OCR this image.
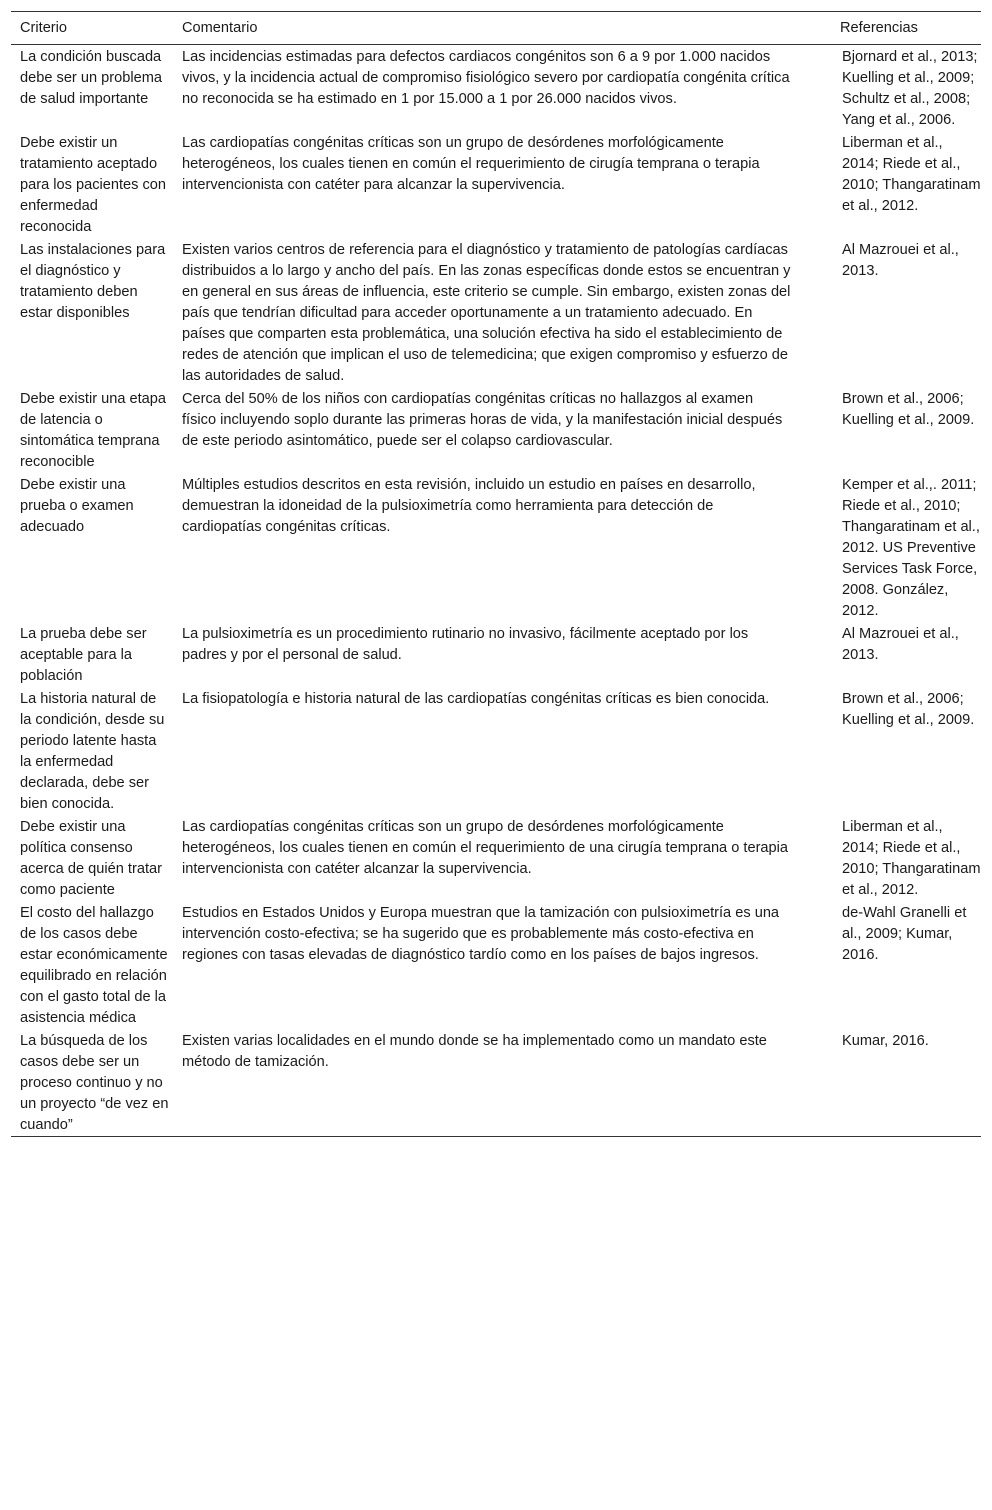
Criterio	Comentario	Referencias
La condición buscada debe ser un problema de salud importante	Las incidencias estimadas para defectos cardiacos congénitos son 6 a 9 por 1.000 nacidos vivos, y la incidencia actual de compromiso fisiológico severo por cardiopatía congénita crítica no reconocida se ha estimado en 1 por 15.000 a 1 por 26.000 nacidos vivos.	Bjornard et al., 2013; Kuelling et al., 2009; Schultz et al., 2008; Yang et al., 2006.
Debe existir un tratamiento aceptado para los pacientes con enfermedad reconocida	Las cardiopatías congénitas críticas son un grupo de desórdenes morfológicamente heterogéneos, los cuales tienen en común el requerimiento de cirugía temprana o terapia intervencionista con catéter para alcanzar la supervivencia.	Liberman et al., 2014; Riede et al., 2010; Thangaratinam et al., 2012.
Las instalaciones para el diagnóstico y tratamiento deben estar disponibles	Existen varios centros de referencia para el diagnóstico y tratamiento de patologías cardíacas distribuidos a lo largo y ancho del país. En las zonas específicas donde estos se encuentran y en general en sus áreas de influencia, este criterio se cumple. Sin embargo, existen zonas del país que tendrían dificultad para acceder oportunamente a un tratamiento adecuado. En países que comparten esta problemática, una solución efectiva ha sido el establecimiento de redes de atención que implican el uso de telemedicina; que exigen compromiso y esfuerzo de las autoridades de salud.	Al Mazrouei et al., 2013.
Debe existir una etapa de latencia o sintomática temprana reconocible	Cerca del 50% de los niños con cardiopatías congénitas críticas no hallazgos al examen físico incluyendo soplo durante las primeras horas de vida, y la manifestación inicial después de este periodo asintomático, puede ser el colapso cardiovascular.	Brown et al., 2006; Kuelling et al., 2009.
Debe existir una prueba o examen adecuado	Múltiples estudios descritos en esta revisión, incluido un estudio en países en desarrollo, demuestran la idoneidad de la pulsioximetría como herramienta para detección de cardiopatías congénitas críticas.	Kemper et al.,. 2011; Riede et al., 2010; Thangaratinam et al., 2012. US Preventive Services Task Force, 2008. González, 2012.
La prueba debe ser aceptable para la población	La pulsioximetría es un procedimiento rutinario no invasivo, fácilmente aceptado por los padres y por el personal de salud.	Al Mazrouei et al., 2013.
La historia natural de la condición, desde su periodo latente hasta la enfermedad declarada, debe ser bien conocida.	La fisiopatología e historia natural de las cardiopatías congénitas críticas es bien conocida.	Brown et al., 2006; Kuelling et al., 2009.
Debe existir una política consenso acerca de quién tratar como paciente	Las cardiopatías congénitas críticas son un grupo de desórdenes morfológicamente heterogéneos, los cuales tienen en común el requerimiento de una cirugía temprana o terapia intervencionista con catéter alcanzar la supervivencia.	Liberman et al., 2014; Riede et al., 2010; Thangaratinam et al., 2012.
El costo del hallazgo de los casos debe estar económicamente equilibrado en relación con el gasto total de la asistencia médica	Estudios en Estados Unidos y Europa muestran que la tamización con pulsioximetría es una intervención costo-efectiva; se ha sugerido que es probablemente más costo-efectiva en regiones con tasas elevadas de diagnóstico tardío como en los países de bajos ingresos.	de-Wahl Granelli et al., 2009; Kumar, 2016.
La búsqueda de los casos debe ser un proceso continuo y no un proyecto “de vez en cuando”	Existen varias localidades en el mundo donde se ha implementado como un mandato este método de tamización.	Kumar, 2016.
